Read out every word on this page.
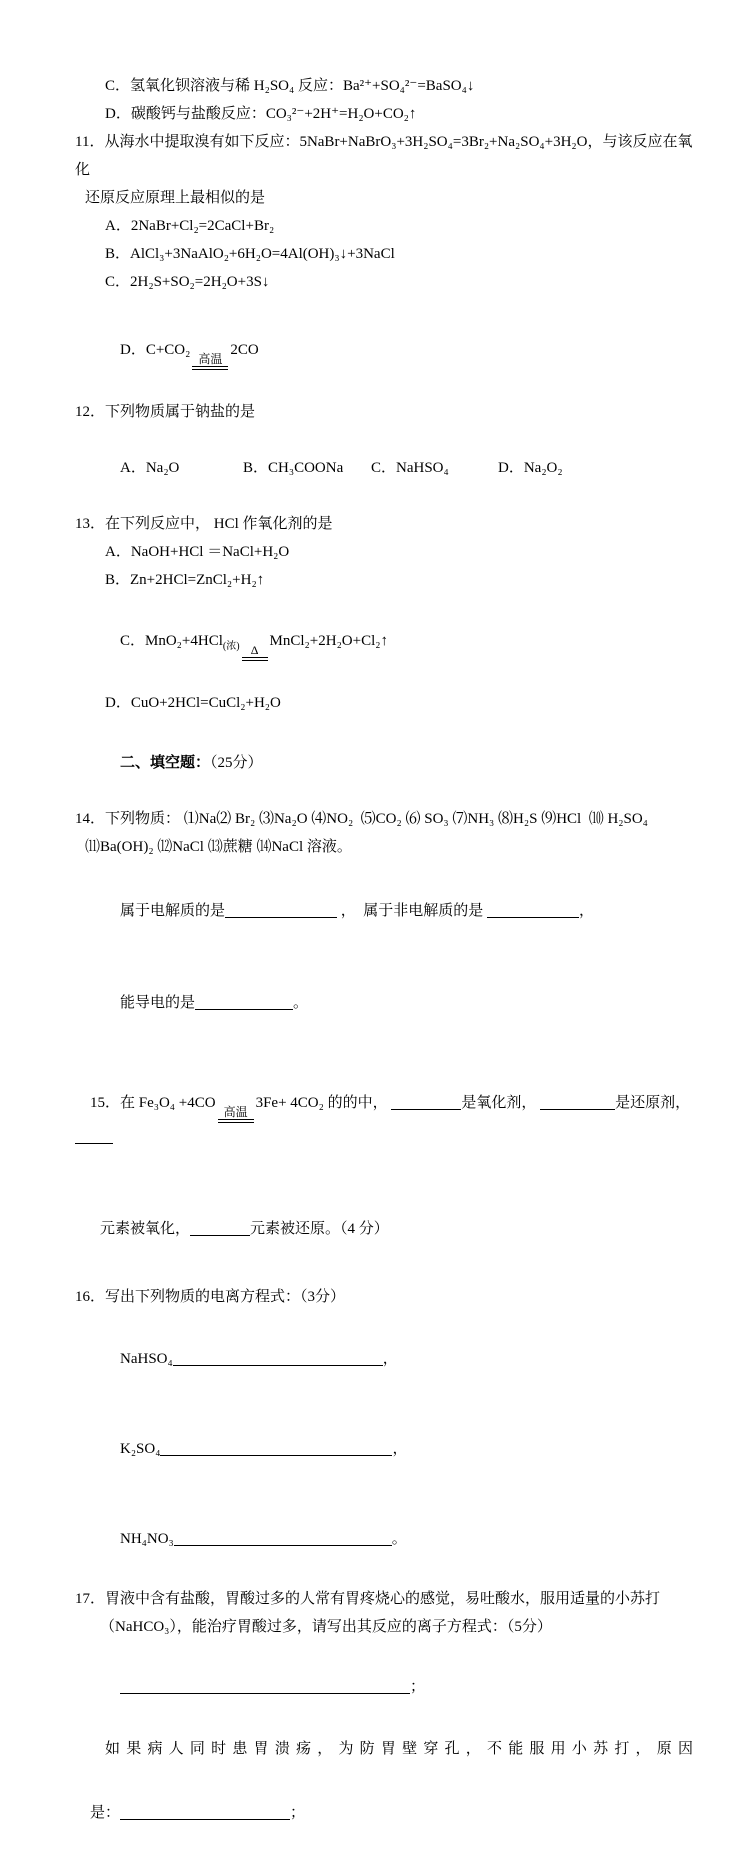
C．氢氧化钡溶液与稀 H₂SO₄ 反应：Ba²⁺+SO₄²⁻=BaSO₄↓
D．碳酸钙与盐酸反应：CO₃²⁻+2H⁺=H₂O+CO₂↑
11．从海水中提取溴有如下反应：5NaBr+NaBrO₃+3H₂SO₄=3Br₂+Na₂SO₄+3H₂O，与该反应在氧化
还原反应原理上最相似的是
A．2NaBr+Cl₂=2CaCl+Br₂
B．AlCl₃+3NaAlO₂+6H₂O=4Al(OH)₃↓+3NaCl
C．2H₂S+SO₂=2H₂O+3S↓

D．C+CO₂
高温
2CO

12．下列物质属于钠盐的是

A．Na₂O	B．CH₃COONa C．NaHSO₄	D．Na₂O₂

13．在下列反应中， HCl 作氧化剂的是
A．NaOH+HCl ＝NaCl+H₂O
B．Zn+2HCl=ZnCl₂+H₂↑

C．MnO₂+4HCl$_{(浓)}$ Δ
MnCl₂+2H₂O+Cl₂↑

D．CuO+2HCl=CuCl₂+H₂O

二、填空题：（25分）

14．下列物质： ⑴Na⑵ Br₂ ⑶Na₂O ⑷NO₂  ⑸CO₂ ⑹ SO₃ ⑺NH₃ ⑻H₂S ⑼HCl  ⑽ H₂SO₄
⑾Ba(OH)₂ ⑿NaCl ⒀蔗糖 ⒁NaCl 溶液。

属于电解质的是	，  属于非电解质的是	，

能导电的是	。

15．在 Fe₃O₄ +4CO
高温
3Fe+ 4CO₂ 的的中，	是氧化剂，	是还原剂，

元素被氧化，	元素被还原。（4 分）

16．写出下列物质的电离方程式：（3分）

NaHSO₄	，

K₂SO₄	，

NH₄NO₃	。

17．胃液中含有盐酸，胃酸过多的人常有胃疼烧心的感觉，易吐酸水，服用适量的小苏打
（NaHCO₃），能治疗胃酸过多，请写出其反应的离子方程式：（5分）

；

如 果 病 人 同 时 患 胃 溃 疡 ， 为 防 胃 壁 穿 孔 ， 不 能 服 用 小 苏 打 ， 原 因

是：	；
